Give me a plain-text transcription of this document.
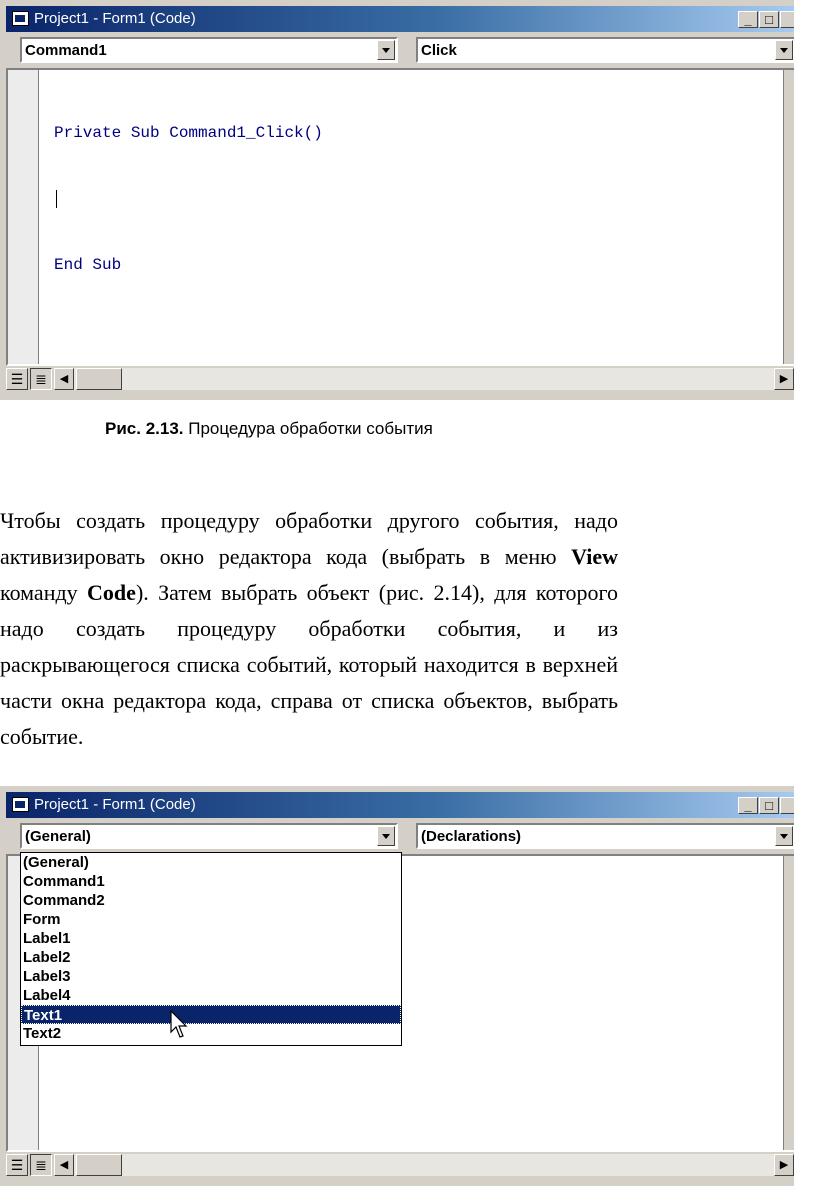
Project1 - Form1 (Code)	_	□
Command1	Click

Private Sub Command1_Click()

End Sub

☰ ≣	◀	▶
Рис. 2.13. Процедура обработки события

Чтобы создать процедуру обработки другого события, надо активизировать окно редактора кода (выбрать в меню View команду Code). Затем выбрать объект (рис. 2.14), для которого надо создать процедуру обработки события, и из раскрывающегося списка событий, который находится в верхней части окна редактора кода, справа от списка объектов, выбрать событие.

Project1 - Form1 (Code)	_	□
(General)	(Declarations)
☰ ≣	◀	▶
(General)
Command1
Command2
Form
Label1
Label2
Label3
Label4
Text1
Text2
